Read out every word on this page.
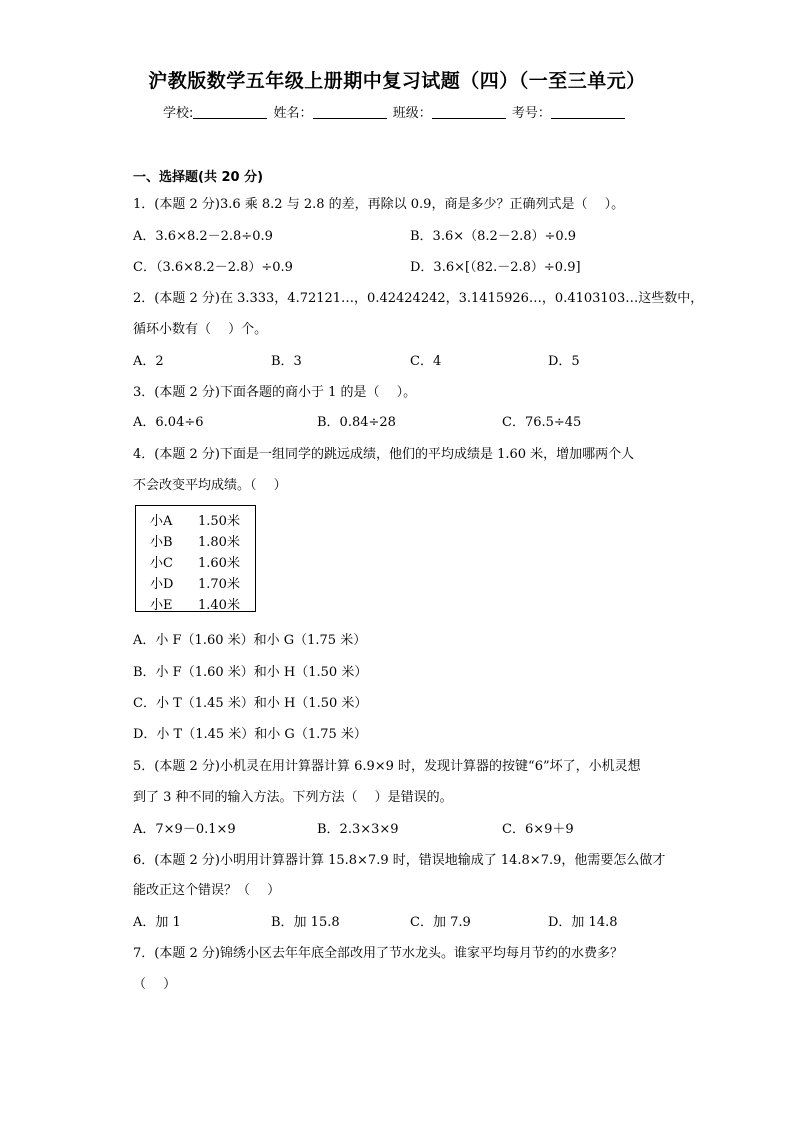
沪教版数学五年级上册期中复习试题（四）（一至三单元）
学校:	姓名：	班级：	考号：
一、选择题(共 20 分)
1．(本题 2 分)3.6 乘 8.2 与 2.8 的差，再除以 0.9，商是多少？正确列式是（　 ）。
A．3.6×8.2－2.8÷0.9	B．3.6×（8.2－2.8）÷0.9
C．（3.6×8.2－2.8）÷0.9	D．3.6×[（82.－2.8）÷0.9]
2．(本题 2 分)在 3.333，4.72121…，0.42424242，3.1415926…，0.4103103…这些数中，
循环小数有（　 ）个。
A．2	B．3	C．4	D．5
3．(本题 2 分)下面各题的商小于 1 的是（　 ）。
A．6.04÷6	B．0.84÷28	C．76.5÷45
4．(本题 2 分)下面是一组同学的跳远成绩，他们的平均成绩是 1.60 米，增加哪两个人
不会改变平均成绩。（　 ）
小A 1.50米
小B 1.80米
小C 1.60米
小D 1.70米
小E 1.40米
A．小 F（1.60 米）和小 G（1.75 米）
B．小 F（1.60 米）和小 H（1.50 米）
C．小 T（1.45 米）和小 H（1.50 米）
D．小 T（1.45 米）和小 G（1.75 米）
5．(本题 2 分)小机灵在用计算器计算 6.9×9 时，发现计算器的按键“6”坏了，小机灵想
到了 3 种不同的输入方法。下列方法（　 ）是错误的。
A．7×9－0.1×9	B．2.3×3×9	C．6×9＋9
6．(本题 2 分)小明用计算器计算 15.8×7.9 时，错误地输成了 14.8×7.9，他需要怎么做才
能改正这个错误？（　 ）
A．加 1	B．加 15.8	C．加 7.9	D．加 14.8
7．(本题 2 分)锦绣小区去年年底全部改用了节水龙头。谁家平均每月节约的水费多？
（　 ）
